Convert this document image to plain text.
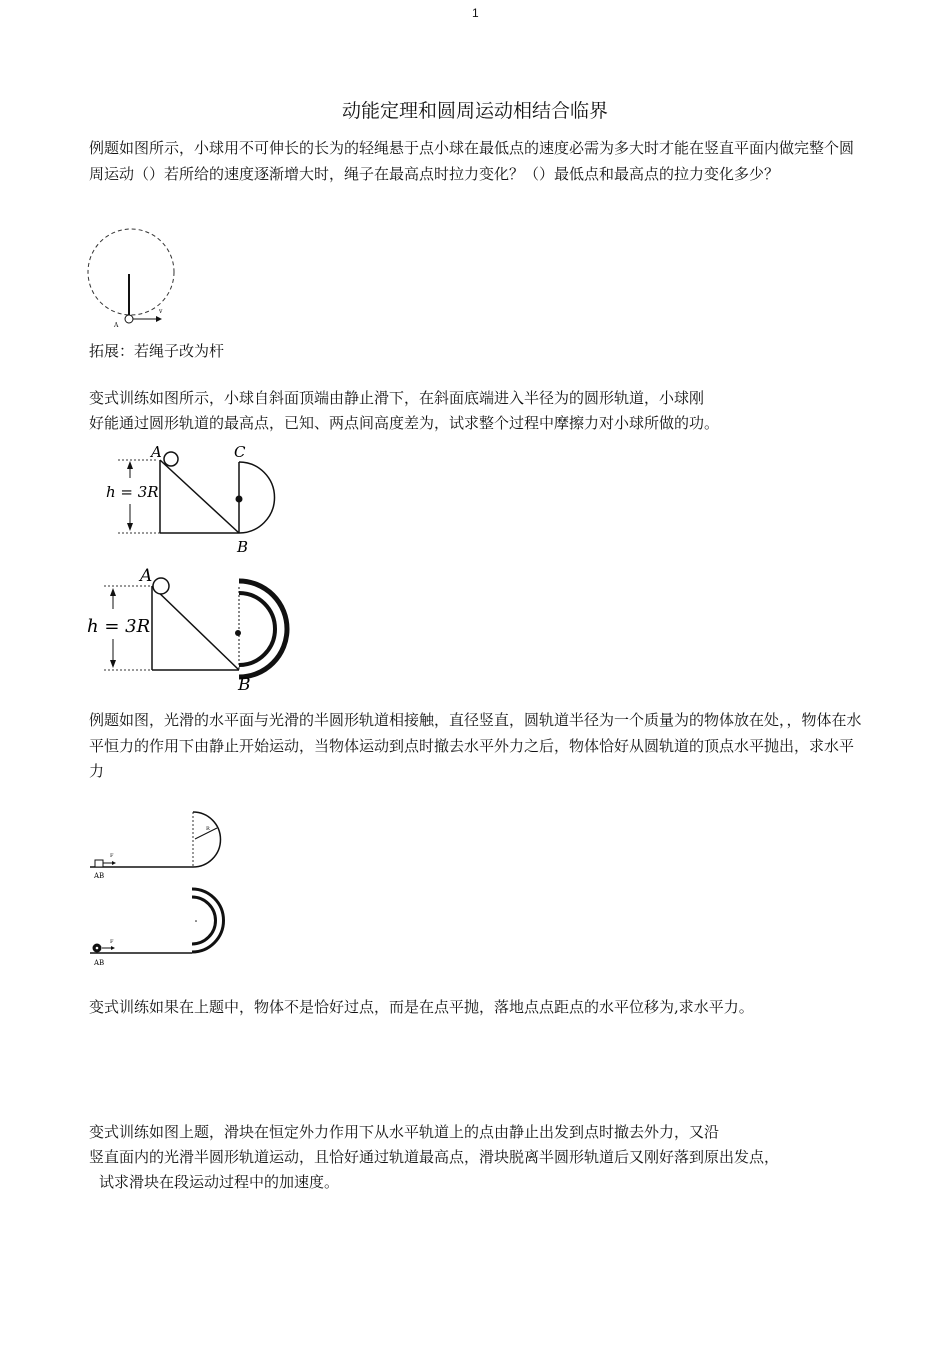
1
动能定理和圆周运动相结合临界
例题如图所示，小球用不可伸长的长为的轻绳悬于点小球在最低点的速度必需为多大时才能在竖直平面内做完整个圆周运动（）若所给的速度逐渐增大时，绳子在最高点时拉力变化？（）最低点和最高点的拉力变化多少？
A
v
拓展：若绳子改为杆
变式训练如图所示，小球自斜面顶端由静止滑下，在斜面底端进入半径为的圆形轨道，小球刚
好能通过圆形轨道的最高点，已知、两点间高度差为，试求整个过程中摩擦力对小球所做的功。
h = 3R
A	C
B
h = 3R
A
B
例题如图，光滑的水平面与光滑的半圆形轨道相接触，直径竖直，圆轨道半径为一个质量为的物体放在处，，物体在水平恒力的作用下由静止开始运动，当物体运动到点时撤去水平外力之后，物体恰好从圆轨道的顶点水平抛出，求水平力
R
F
AB
F
AB
变式训练如果在上题中，物体不是恰好过点，而是在点平抛，落地点点距点的水平位移为,求水平力。
变式训练如图上题，滑块在恒定外力作用下从水平轨道上的点由静止出发到点时撤去外力，又沿
竖直面内的光滑半圆形轨道运动，且恰好通过轨道最高点，滑块脱离半圆形轨道后又刚好落到原出发点，
试求滑块在段运动过程中的加速度。
